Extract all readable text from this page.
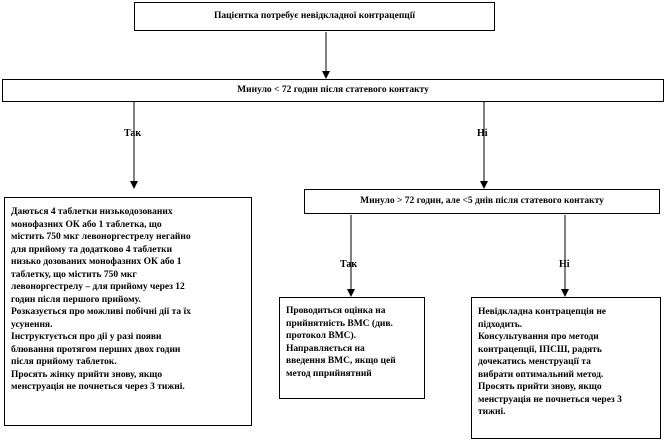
Пацієнтка потребує невідкладної контрацепції
Минуло < 72 годин після статевого контакту
Так	Ні
Минуло > 72 годин, але <5 днів після статевого контакту
Так	Ні
Даються 4 таблетки низькодозованих
монофазних ОК або 1 таблетка, що
містить 750 мкг левоноргестрелу негайно
для прийому та додатково 4 таблетки
низько дозованих монофазних ОК або 1
таблетку, що містить 750 мкг
левоноргестрелу – для прийому через 12
годин після першого прийому.
Розказується про можливі побічні дії та їх
усунення.
Інструктується про дії у разі появи
блювання протягом перших двох годин
після прийому таблеток.
Просять жінку прийти знову, якщо
менструація не почнеться через 3 тижні.
Проводиться оцінка на
прийнятність ВМС (див.
протокол ВМС).
Направляється на
введення ВМС, якщо цей
метод пприйнятний
Невідкладна контрацепція не
підходить.
Консультування про методи
контрацепції, ІПСШ, радять
дочекатись менструації та
вибрати оптимальний метод.
Просять прийти знову, якщо
менструація не почнеться через 3
тижні.
